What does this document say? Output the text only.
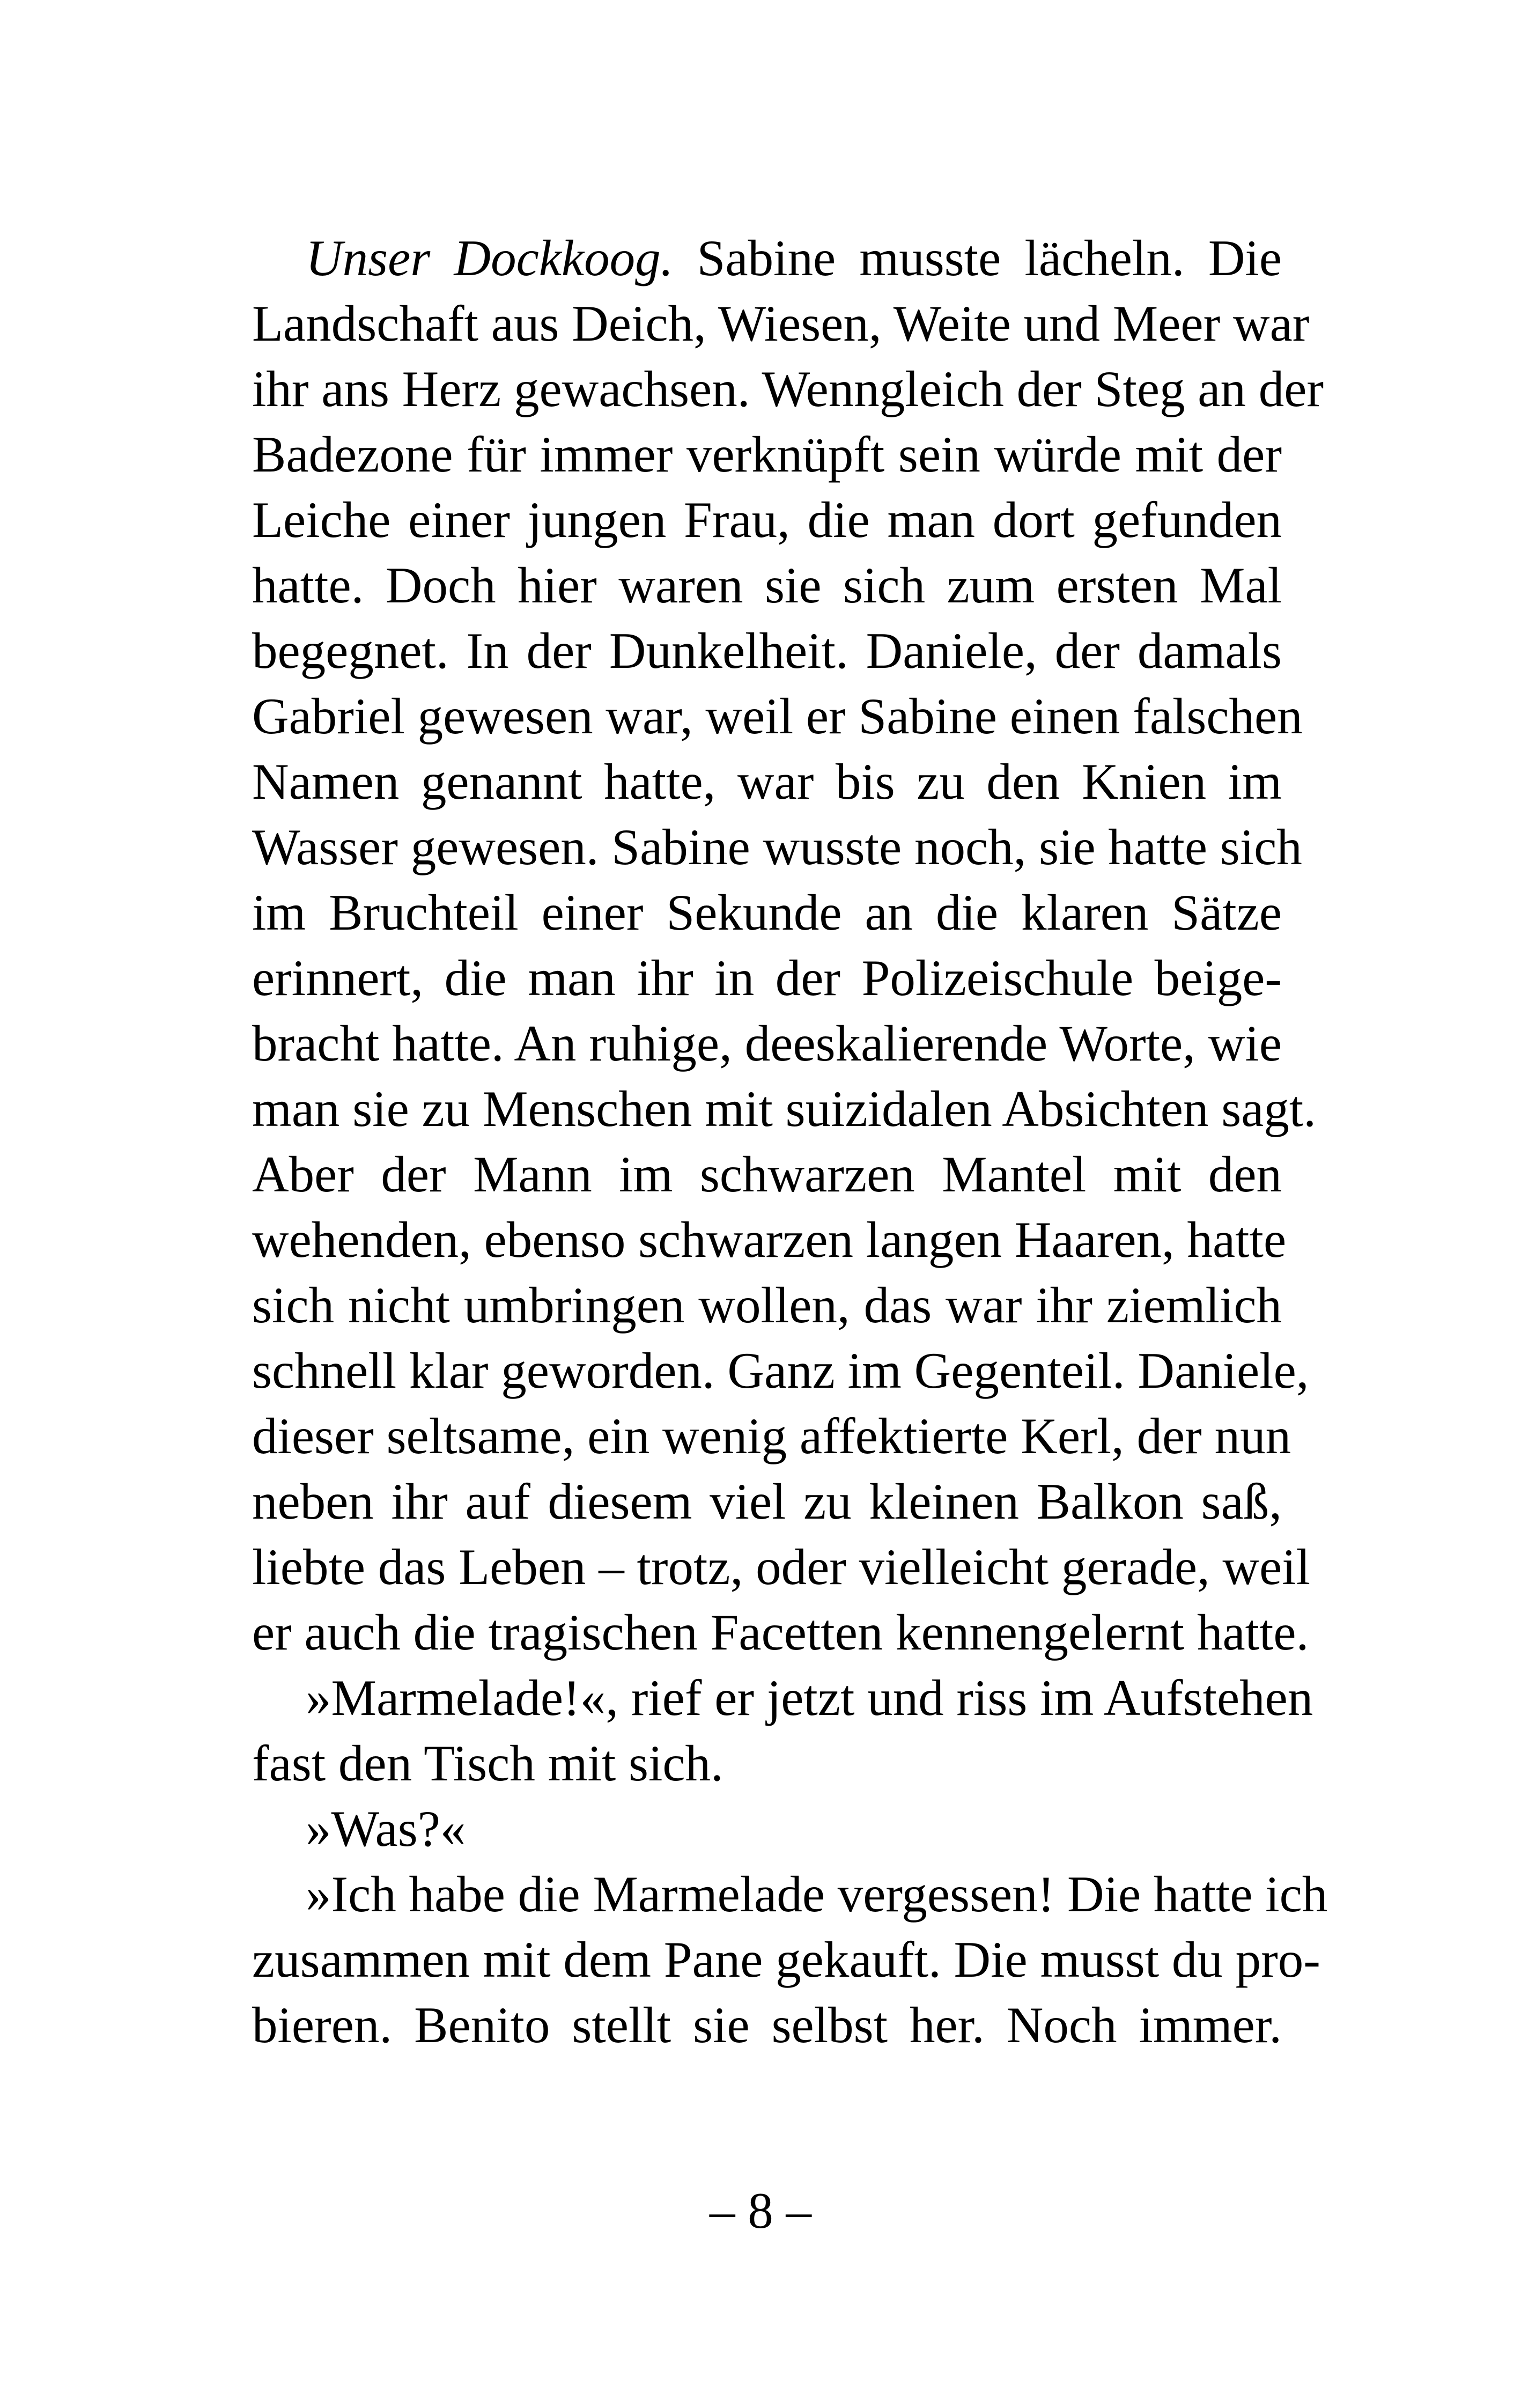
Unser Dockkoog. Sabine musste lächeln. Die
Landschaft aus Deich, Wiesen, Weite und Meer war
ihr ans Herz gewachsen. Wenngleich der Steg an der
Badezone für immer verknüpft sein würde mit der
Leiche einer jungen Frau, die man dort gefunden
hatte. Doch hier waren sie sich zum ersten Mal
begegnet. In der Dunkelheit. Daniele, der damals
Gabriel gewesen war, weil er Sabine einen falschen
Namen genannt hatte, war bis zu den Knien im
Wasser gewesen. Sabine wusste noch, sie hatte sich
im Bruchteil einer Sekunde an die klaren Sätze
erinnert, die man ihr in der Polizeischule beige-
bracht hatte. An ruhige, deeskalierende Worte, wie
man sie zu Menschen mit suizidalen Absichten sagt.
Aber der Mann im schwarzen Mantel mit den
wehenden, ebenso schwarzen langen Haaren, hatte
sich nicht umbringen wollen, das war ihr ziemlich
schnell klar geworden. Ganz im Gegenteil. Daniele,
dieser seltsame, ein wenig affektierte Kerl, der nun
neben ihr auf diesem viel zu kleinen Balkon saß,
liebte das Leben – trotz, oder vielleicht gerade, weil
er auch die tragischen Facetten kennengelernt hatte.
»Marmelade!«, rief er jetzt und riss im Aufstehen
fast den Tisch mit sich.
»Was?«
»Ich habe die Marmelade vergessen! Die hatte ich
zusammen mit dem Pane gekauft. Die musst du pro-
bieren. Benito stellt sie selbst her. Noch immer.
– 8 –
